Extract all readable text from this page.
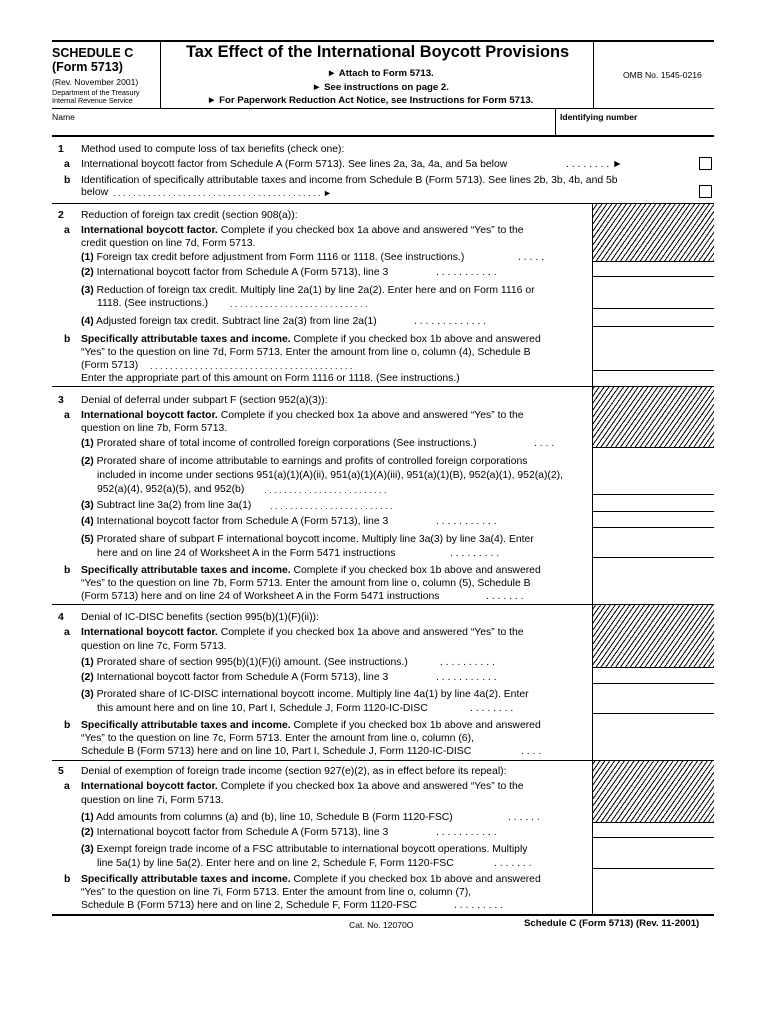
SCHEDULE C
(Form 5713)
(Rev. November 2001)
Department of the Treasury
Internal Revenue Service
Tax Effect of the International Boycott Provisions
► Attach to Form 5713.
► See instructions on page 2.
► For Paperwork Reduction Act Notice, see Instructions for Form 5713.
OMB No. 1545-0216
Name	Identifying number
1 Method used to compute loss of tax benefits (check one):
a International boycott factor from Schedule A (Form 5713). See lines 2a, 3a, 4a, and 5a below	. . . . . . . . ►
b Identification of specifically attributable taxes and income from Schedule B (Form 5713). See lines 2b, 3b, 4b, and 5b
below . . . . . . . . . . . . . . . . . . . . . . . . . . . . . . . . . . . . . . . . . . ►
2 Reduction of foreign tax credit (section 908(a)):
a International boycott factor. Complete if you checked box 1a above and answered “Yes” to the
credit question on line 7d, Form 5713.
(1) Foreign tax credit before adjustment from Form 1116 or 1118. (See instructions.)	. . . . .
(2) International boycott factor from Schedule A (Form 5713), line 3	. . . . . . . . . . .
(3) Reduction of foreign tax credit. Multiply line 2a(1) by line 2a(2). Enter here and on Form 1116 or
1118. (See instructions.) . . . . . . . . . . . . . . . . . . . . . . . . . . . .
(4) Adjusted foreign tax credit. Subtract line 2a(3) from line 2a(1)	. . . . . . . . . . . . .
b Specifically attributable taxes and income. Complete if you checked box 1b above and answered
“Yes” to the question on line 7d, Form 5713. Enter the amount from line o, column (4), Schedule B
(Form 5713) . . . . . . . . . . . . . . . . . . . . . . . . . . . . . . . . . . . . . . . . .
Enter the appropriate part of this amount on Form 1116 or 1118. (See instructions.)
3 Denial of deferral under subpart F (section 952(a)(3)):
a International boycott factor. Complete if you checked box 1a above and answered “Yes” to the
question on line 7b, Form 5713.
(1) Prorated share of total income of controlled foreign corporations (See instructions.)	. . . .
(2) Prorated share of income attributable to earnings and profits of controlled foreign corporations
included in income under sections 951(a)(1)(A)(ii), 951(a)(1)(A)(iii), 951(a)(1)(B), 952(a)(1), 952(a)(2),
952(a)(4), 952(a)(5), and 952(b) . . . . . . . . . . . . . . . . . . . . . . . . .
(3) Subtract line 3a(2) from line 3a(1) . . . . . . . . . . . . . . . . . . . . . . . . .
(4) International boycott factor from Schedule A (Form 5713), line 3	. . . . . . . . . . .
(5) Prorated share of subpart F international boycott income. Multiply line 3a(3) by line 3a(4). Enter
here and on line 24 of Worksheet A in the Form 5471 instructions	. . . . . . . . .
b Specifically attributable taxes and income. Complete if you checked box 1b above and answered
“Yes” to the question on line 7b, Form 5713. Enter the amount from line o, column (5), Schedule B
(Form 5713) here and on line 24 of Worksheet A in the Form 5471 instructions	. . . . . . .
4 Denial of IC-DISC benefits (section 995(b)(1)(F)(ii)):
a International boycott factor. Complete if you checked box 1a above and answered “Yes” to the
question on line 7c, Form 5713.
(1) Prorated share of section 995(b)(1)(F)(i) amount. (See instructions.)	. . . . . . . . . .
(2) International boycott factor from Schedule A (Form 5713), line 3	. . . . . . . . . . .
(3) Prorated share of IC-DISC international boycott income. Multiply line 4a(1) by line 4a(2). Enter
this amount here and on line 10, Part I, Schedule J, Form 1120-IC-DISC	. . . . . . . .
b Specifically attributable taxes and income. Complete if you checked box 1b above and answered
“Yes” to the question on line 7c, Form 5713. Enter the amount from line o, column (6),
Schedule B (Form 5713) here and on line 10, Part I, Schedule J, Form 1120-IC-DISC	. . . .
5 Denial of exemption of foreign trade income (section 927(e)(2), as in effect before its repeal):
a International boycott factor. Complete if you checked box 1a above and answered “Yes” to the
question on line 7i, Form 5713.
(1) Add amounts from columns (a) and (b), line 10, Schedule B (Form 1120-FSC)	. . . . . .
(2) International boycott factor from Schedule A (Form 5713), line 3	. . . . . . . . . . .
(3) Exempt foreign trade income of a FSC attributable to international boycott operations. Multiply
line 5a(1) by line 5a(2). Enter here and on line 2, Schedule F, Form 1120-FSC	. . . . . . .
b Specifically attributable taxes and income. Complete if you checked box 1b above and answered
“Yes” to the question on line 7i, Form 5713. Enter the amount from line o, column (7),
Schedule B (Form 5713) here and on line 2, Schedule F, Form 1120-FSC	. . . . . . . . .
Cat. No. 12070O	Schedule C (Form 5713) (Rev. 11-2001)
